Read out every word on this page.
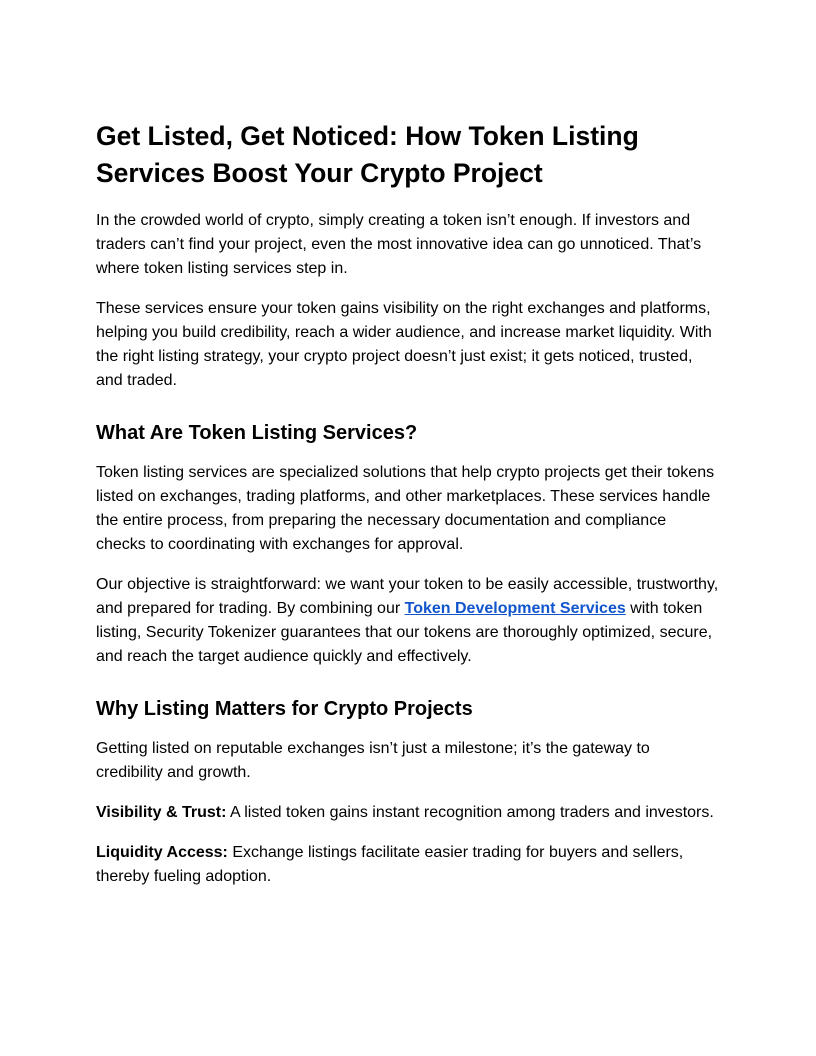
Get Listed, Get Noticed: How Token Listing Services Boost Your Crypto Project

In the crowded world of crypto, simply creating a token isn’t enough. If investors and traders can’t find your project, even the most innovative idea can go unnoticed. That’s where token listing services step in.

These services ensure your token gains visibility on the right exchanges and platforms, helping you build credibility, reach a wider audience, and increase market liquidity. With the right listing strategy, your crypto project doesn’t just exist; it gets noticed, trusted, and traded.

What Are Token Listing Services?

Token listing services are specialized solutions that help crypto projects get their tokens listed on exchanges, trading platforms, and other marketplaces. These services handle the entire process, from preparing the necessary documentation and compliance checks to coordinating with exchanges for approval.

Our objective is straightforward: we want your token to be easily accessible, trustworthy, and prepared for trading. By combining our Token Development Services with token listing, Security Tokenizer guarantees that our tokens are thoroughly optimized, secure, and reach the target audience quickly and effectively.

Why Listing Matters for Crypto Projects

Getting listed on reputable exchanges isn’t just a milestone; it’s the gateway to credibility and growth.

Visibility & Trust: A listed token gains instant recognition among traders and investors.

Liquidity Access: Exchange listings facilitate easier trading for buyers and sellers, thereby fueling adoption.
